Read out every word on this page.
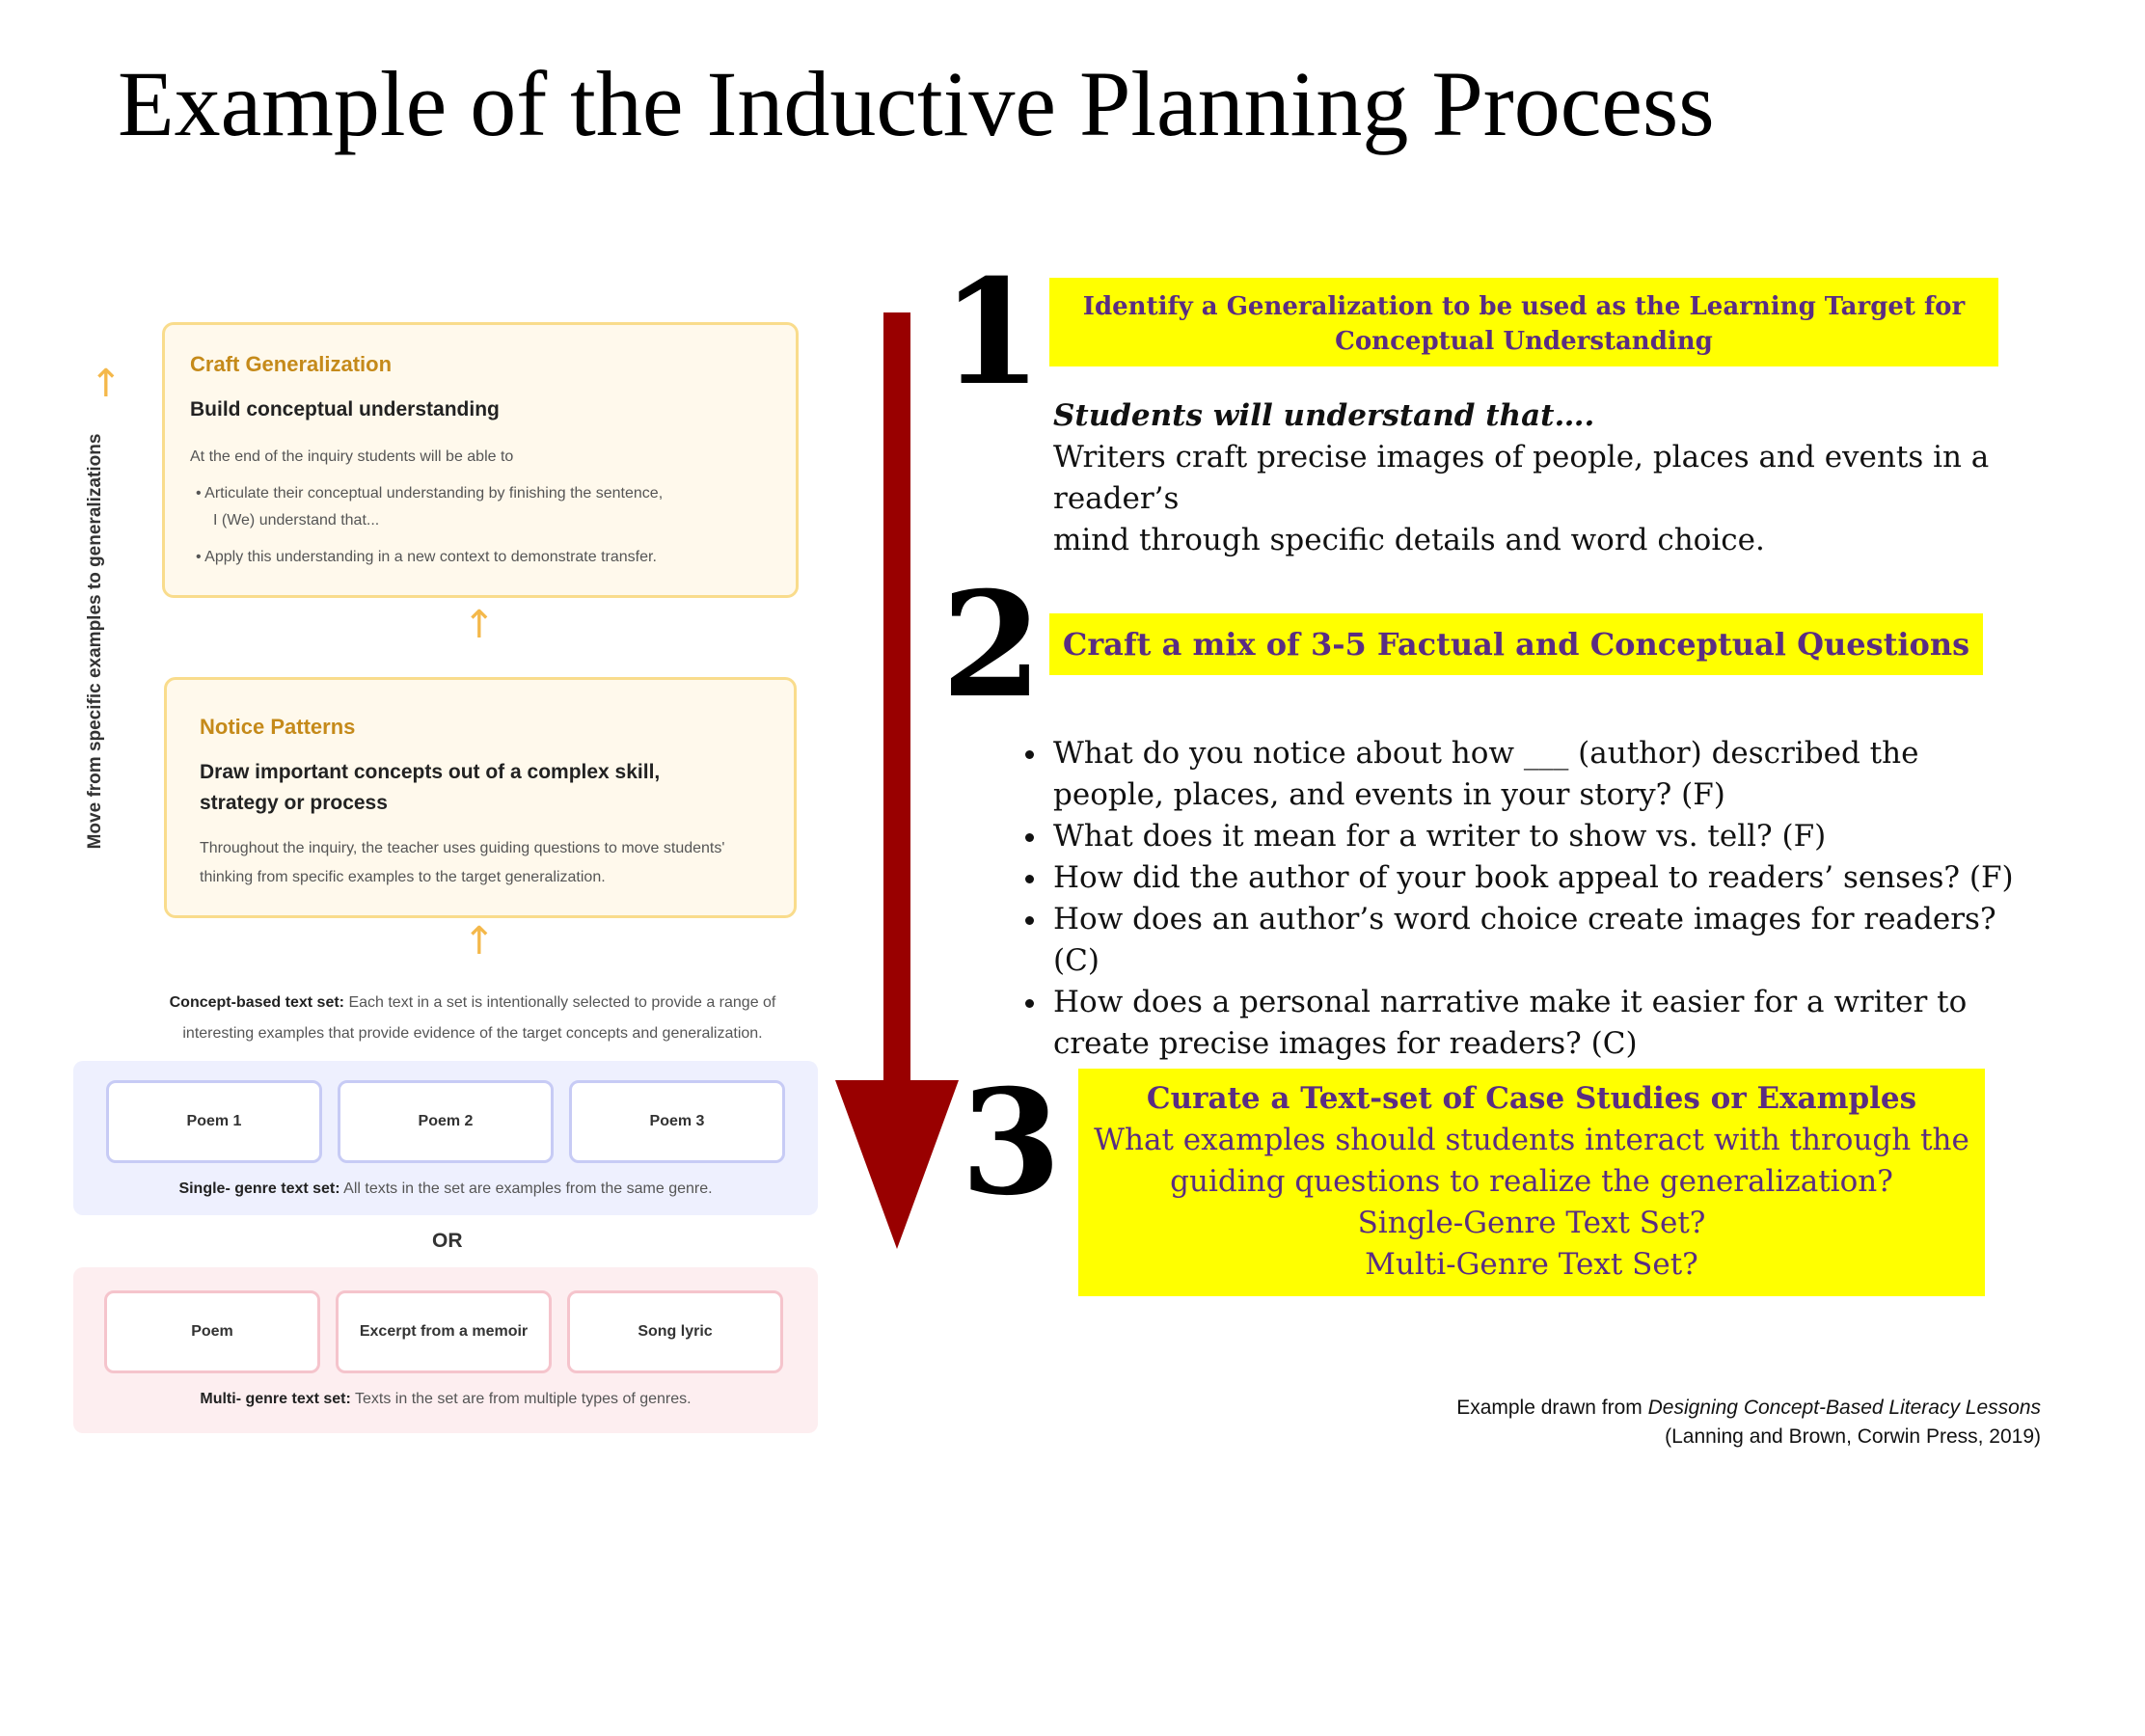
Example of the Inductive Planning Process
Move from specific examples to generalizations
↑	Craft Generalization
Build conceptual understanding
At the end of the inquiry students will be able to
• Articulate their conceptual understanding by finishing the sentence,
I (We) understand that...
• Apply this understanding in a new context to demonstrate transfer.
↑
Notice Patterns
Draw important concepts out of a complex skill,
strategy or process
Throughout the inquiry, the teacher uses guiding questions to move students'
thinking from specific examples to the target generalization.
↑
Concept-based text set: Each text in a set is intentionally selected to provide a range of
interesting examples that provide evidence of the target concepts and generalization.
Poem 1	Poem 2	Poem 3
Single- genre text set: All texts in the set are examples from the same genre.
OR
Poem	Excerpt from a memoir	Song lyric
Multi- genre text set: Texts in the set are from multiple types of genres.
1	Identify a Generalization to be used as the Learning Target for
Conceptual Understanding
Students will understand that….
Writers craft precise images of people, places and events in a reader’s
mind through specific details and word choice.
2 Craft a mix of 3-5 Factual and Conceptual Questions
• What do you notice about how ___ (author) described the people, places, and events in your story? (F)
• What does it mean for a writer to show vs. tell? (F)
• How did the author of your book appeal to readers’ senses? (F)
• How does an author’s word choice create images for readers? (C)
• How does a personal narrative make it easier for a writer to create precise images for readers? (C)
3	Curate a Text-set of Case Studies or Examples
What examples should students interact with through the
guiding questions to realize the generalization?
Single-Genre Text Set?
Multi-Genre Text Set?
Example drawn from Designing Concept-Based Literacy Lessons
(Lanning and Brown, Corwin Press, 2019)
